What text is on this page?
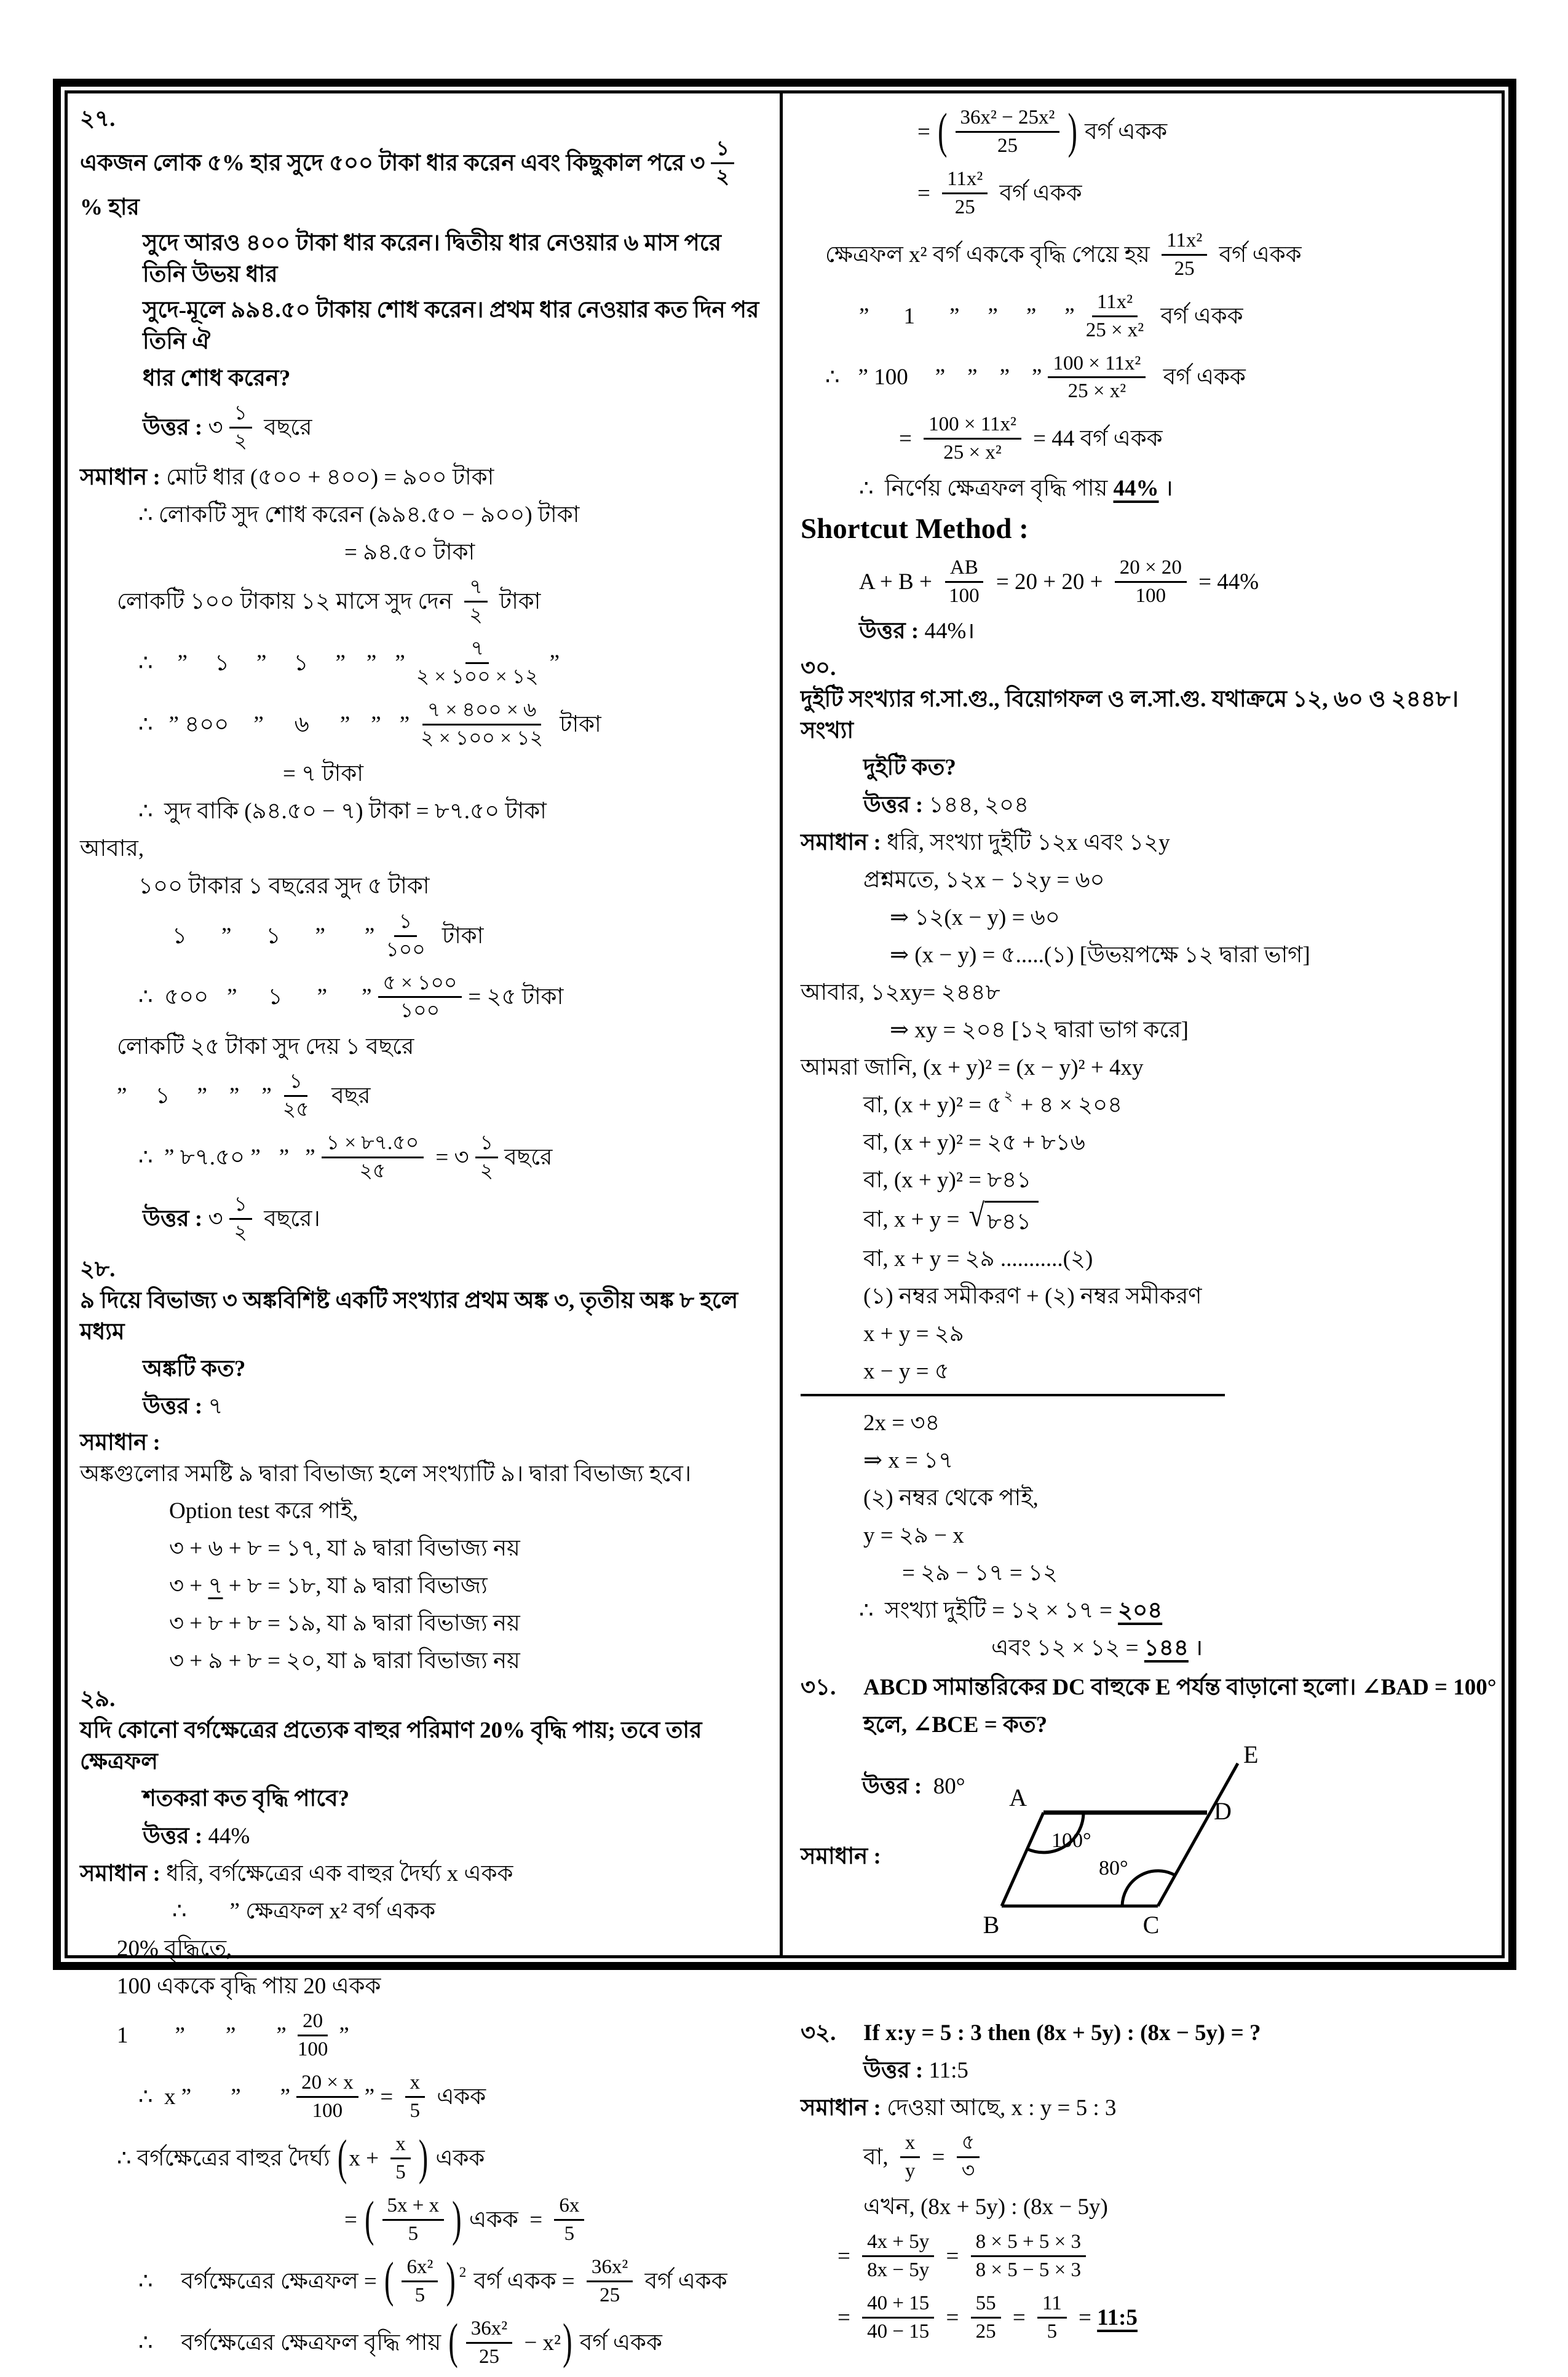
২৭.
একজন লোক ৫% হার সুদে ৫০০ টাকা ধার করেন এবং কিছুকাল পরে ৩ $\frac{১}{২}$
% হার
সুদে আরও ৪০০ টাকা ধার করেন। দ্বিতীয় ধার নেওয়ার ৬ মাস পরে তিনি উভয় ধার
সুদে-মূলে ৯৯৪.৫০ টাকায় শোধ করেন। প্রথম ধার নেওয়ার কত দিন পর তিনি ঐ
ধার শোধ করেন?
উত্তর : ৩ $\frac{১}{২}$ বছরে
সমাধান : মোট ধার (৫০০ + ৪০০) = ৯০০ টাকা
∴ লোকটি সুদ শোধ করেন (৯৯৪.৫০ − ৯০০) টাকা
= ৯৪.৫০ টাকা
লোকটি ১০০ টাকায় ১২ মাসে সুদ দেন $\frac{৭}{২}$ টাকা
∴ ” ১ ” ১ ” ” ” $\frac{৭}{২ \times ১০০ \times ১২}$ ”
∴ ” ৪০০ ” ৬ ” ” ” $\frac{৭ \times ৪০০ \times ৬}{২ \times ১০০ \times ১২}$ টাকা
= ৭ টাকা
∴  সুদ বাকি (৯৪.৫০ − ৭) টাকা = ৮৭.৫০ টাকা
আবার,
১০০ টাকার ১ বছরের সুদ ৫ টাকা
১ ” ১ ” ” $\frac{১}{১০০}$ টাকা
∴  ৫০০ ” ১ ” ” $\frac{৫ \times ১০০}{১০০}$ = ২৫ টাকা
লোকটি ২৫ টাকা সুদ দেয় ১ বছরে
” ১ ” ” ” $\frac{১}{২৫}$ বছর
∴  ” ৮৭.৫০ ” ” ” $\frac{১ \times ৮৭.৫০}{২৫}$ = ৩ $\frac{১}{২}$ বছরে
উত্তর : ৩ $\frac{১}{২}$ বছরে।
২৮.
৯ দিয়ে বিভাজ্য ৩ অঙ্কবিশিষ্ট একটি সংখ্যার প্রথম অঙ্ক ৩, তৃতীয় অঙ্ক ৮ হলে মধ্যম
অঙ্কটি কত?
উত্তর : ৭
সমাধান :
অঙ্কগুলোর সমষ্টি ৯ দ্বারা বিভাজ্য হলে সংখ্যাটি ৯। দ্বারা বিভাজ্য হবে।
Option test করে পাই,
৩ + ৬ + ৮ = ১৭, যা ৯ দ্বারা বিভাজ্য নয়
৩ + ৭ + ৮ = ১৮, যা ৯ দ্বারা বিভাজ্য
৩ + ৮ + ৮ = ১৯, যা ৯ দ্বারা বিভাজ্য নয়
৩ + ৯ + ৮ = ২০, যা ৯ দ্বারা বিভাজ্য নয়
২৯.
যদি কোনো বর্গক্ষেত্রের প্রত্যেক বাহুর পরিমাণ 20% বৃদ্ধি পায়; তবে তার ক্ষেত্রফল
শতকরা কত বৃদ্ধি পাবে?
উত্তর : 44%
সমাধান : ধরি, বর্গক্ষেত্রের এক বাহুর দৈর্ঘ্য x একক
∴ ” ক্ষেত্রফল x² বর্গ একক
20% বৃদ্ধিতে,
100 এককে বৃদ্ধি পায় 20 একক
1 ” ” ” $\frac{20}{100}$ ”
∴  x ” ” ” $\frac{20 \times x}{100}$ ” = $\frac{x}{5}$ একক
∴ বর্গক্ষেত্রের বাহুর দৈর্ঘ্য ( $x + \frac{x}{5}$ ) একক
= ( $\frac{5x + x}{5}$ ) একক  = $\frac{6x}{5}$
∴ বর্গক্ষেত্রের ক্ষেত্রফল = ( $\frac{\text{6x²}}{5}$ ) 2 বর্গ একক = $\frac{\text{36x²}}{25}$ বর্গ একক
∴ বর্গক্ষেত্রের ক্ষেত্রফল বৃদ্ধি পায় ( $\frac{\text{36x²}}{25} - x^2$ ) বর্গ একক
= ( $\frac{\text{36x² − 25x²}}{25}$ ) বর্গ একক
= $\frac{\text{11x²}}{25}$ বর্গ একক
ক্ষেত্রফল x² বর্গ এককে বৃদ্ধি পেয়ে হয় $\frac{\text{11x²}}{25}$ বর্গ একক
” 1 ” ” ” ” $\frac{\text{11x²}}{\text{25 × x²}}$ বর্গ একক
∴ ” 100 ” ” ” ” $\frac{\text{100 × 11x²}}{\text{25 × x²}}$ বর্গ একক
= $\frac{\text{100 × 11x²}}{\text{25 × x²}} = 44$ বর্গ একক
∴  নির্ণেয় ক্ষেত্রফল বৃদ্ধি পায় 44% ।
Shortcut Method :
$A + B + \frac{AB}{100} = 20 + 20 + \frac{20 \times 20}{100} = 44\%$
উত্তর : 44%।
৩০.
দুইটি সংখ্যার গ.সা.গু., বিয়োগফল ও ল.সা.গু. যথাক্রমে ১২, ৬০ ও ২৪৪৮। সংখ্যা
দুইটি কত?
উত্তর : ১৪৪, ২০৪
সমাধান : ধরি, সংখ্যা দুইটি ১২x এবং ১২y
প্রশ্নমতে, ১২x − ১২y = ৬০
⇒ ১২(x − y) = ৬০
⇒ (x − y) = ৫.....(১) [উভয়পক্ষে ১২ দ্বারা ভাগ]
আবার, ১২xy= ২৪৪৮
⇒ xy = ২০৪ [১২ দ্বারা ভাগ করে]
আমরা জানি, (x + y)² = (x − y)² + 4xy
বা, (x + y)² = ৫ ২ + ৪ × ২০৪
বা, (x + y)² = ২৫ + ৮১৬
বা, (x + y)² = ৮৪১
বা, x + y = √ ৮৪১
বা, x + y = ২৯ ...........(২)
(১) নম্বর সমীকরণ + (২) নম্বর সমীকরণ
x + y = ২৯
x − y = ৫
2x = ৩৪
⇒ x = ১৭
(২) নম্বর থেকে পাই,
y = ২৯ − x
= ২৯ − ১৭ = ১২
∴  সংখ্যা দুইটি = ১২ × ১৭ = ২০৪
এবং ১২ × ১২ = ১৪৪ ।
৩১.	ABCD সামান্তরিকের DC বাহুকে E পর্যন্ত বাড়ানো হলো। ∠BAD = 100°
হলে, ∠BCE = কত?
উত্তর : 80°
সমাধান :
A	D
B	C
E
100°
80°
৩২.	If x:y = 5 : 3 then (8x + 5y) : (8x − 5y) = ?
উত্তর : 11:5
সমাধান : দেওয়া আছে, x : y = 5 : 3
বা, $\frac{x}{y} = \frac{৫}{৩}$
এখন, (8x + 5y) : (8x − 5y)
= $\frac{4x + 5y}{8x - 5y} = \frac{8 \times 5 + 5 \times 3}{8 \times 5 - 5 \times 3}$
= $\frac{40 + 15}{40 - 15} = \frac{55}{25} = \frac{11}{5}$ = 11:5
